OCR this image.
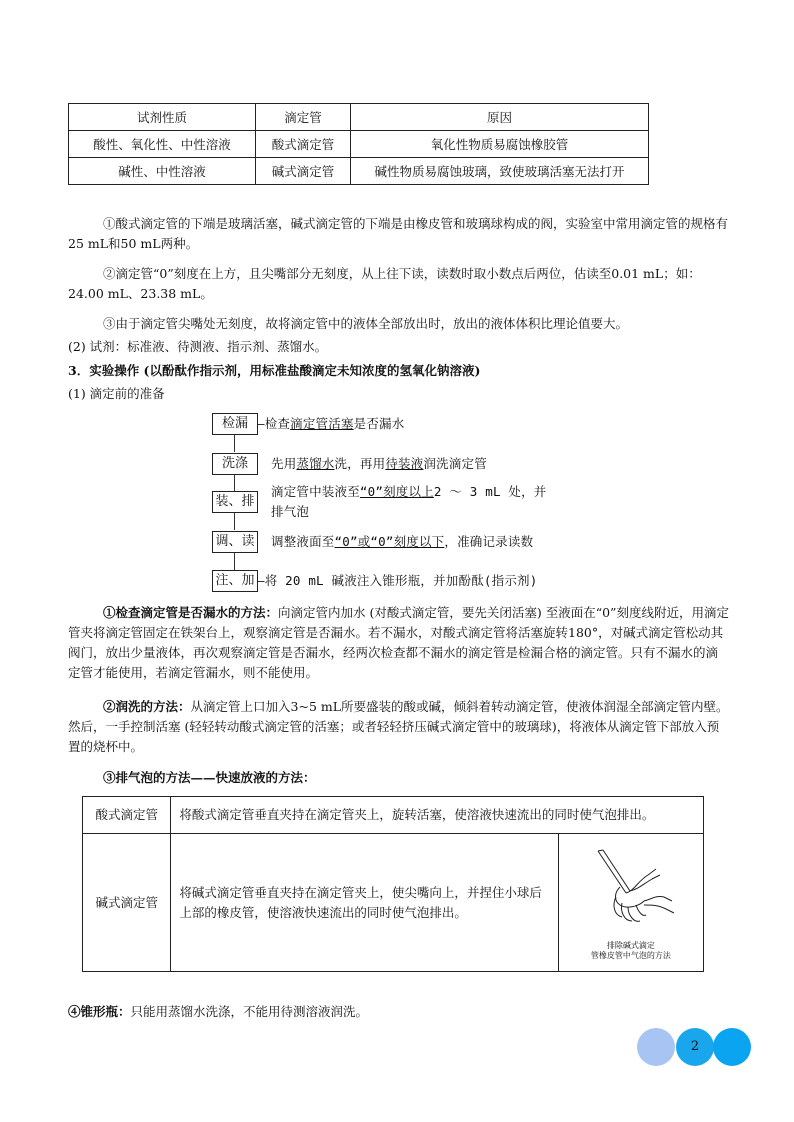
试剂性质	滴定管	原因
酸性、氧化性、中性溶液	酸式滴定管	氧化性物质易腐蚀橡胶管
碱性、中性溶液	碱式滴定管	碱性物质易腐蚀玻璃，致使玻璃活塞无法打开
①酸式滴定管的下端是玻璃活塞，碱式滴定管的下端是由橡皮管和玻璃球构成的阀，实验室中常用滴定管的规格有25 mL和50 mL两种。
②滴定管“0”刻度在上方，且尖嘴部分无刻度，从上往下读，读数时取小数点后两位，估读至0.01 mL；如：24.00 mL、23.38 mL。
③由于滴定管尖嘴处无刻度，故将滴定管中的液体全部放出时，放出的液体体积比理论值要大。
(2) 试剂：标准液、待测液、指示剂、蒸馏水。
3．实验操作 (以酚酞作指示剂，用标准盐酸滴定未知浓度的氢氧化钠溶液)
(1) 滴定前的准备
检漏 —检查滴定管活塞是否漏水
洗涤	先用蒸馏水洗，再用待装液润洗滴定管
装、排
滴定管中装液至“0”刻度以上2 ～ 3 mL 处，并
排气泡
调、读 调整液面至“0”或“0”刻度以下，准确记录读数
注、加 —将 20 mL 碱液注入锥形瓶，并加酚酞(指示剂)
①检查滴定管是否漏水的方法：向滴定管内加水 (对酸式滴定管，要先关闭活塞) 至液面在“0”刻度线附近，用滴定管夹将滴定管固定在铁架台上，观察滴定管是否漏水。若不漏水，对酸式滴定管将活塞旋转180°，对碱式滴定管松动其阀门，放出少量液体，再次观察滴定管是否漏水，经两次检查都不漏水的滴定管是检漏合格的滴定管。只有不漏水的滴定管才能使用，若滴定管漏水，则不能使用。
②润洗的方法：从滴定管上口加入3~5 mL所要盛装的酸或碱，倾斜着转动滴定管，使液体润湿全部滴定管内壁。然后，一手控制活塞 (轻轻转动酸式滴定管的活塞；或者轻轻挤压碱式滴定管中的玻璃球)，将液体从滴定管下部放入预置的烧杯中。
③排气泡的方法——快速放液的方法：
酸式滴定管	将酸式滴定管垂直夹持在滴定管夹上，旋转活塞，使溶液快速流出的同时使气泡排出。	
碱式滴定管	将碱式滴定管垂直夹持在滴定管夹上，使尖嘴向上，并捏住小球后上部的橡皮管，使溶液快速流出的同时使气泡排出。	排除碱式滴定
管橡皮管中气泡的方法
④锥形瓶：只能用蒸馏水洗涤，不能用待测溶液润洗。
2
